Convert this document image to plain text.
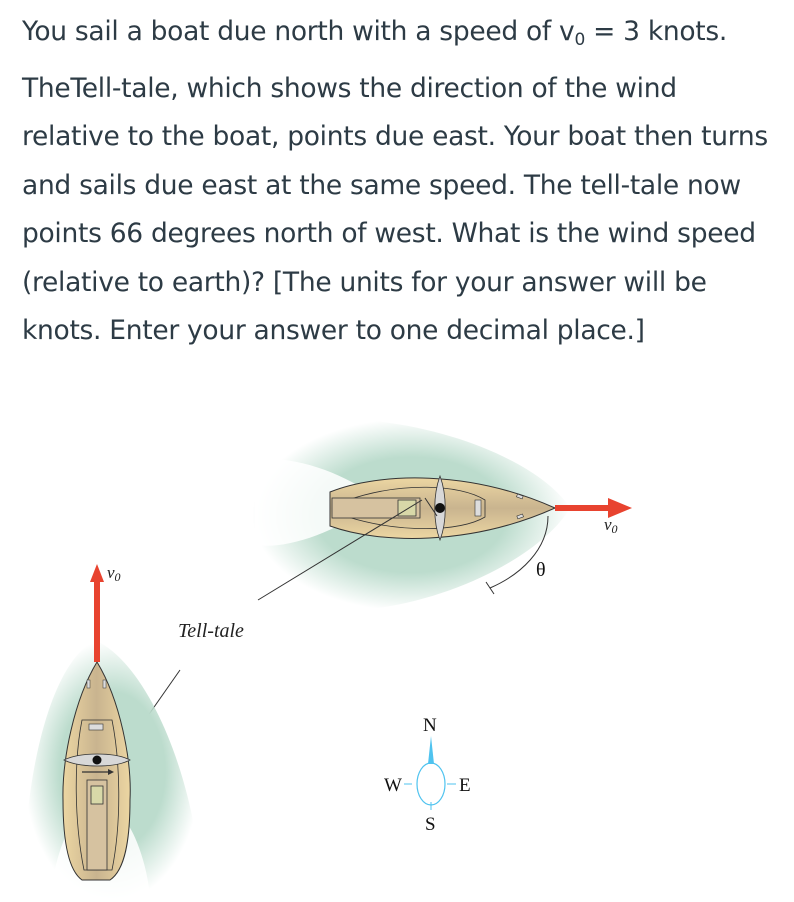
You sail a boat due north with a speed of $v_0 = 3$ knots. TheTell-tale, which shows the direction of the wind relative to the boat, points due east. Your boat then turns and sails due east at the same speed. The tell-tale now points 66 degrees north of west. What is the wind speed (relative to earth)? [The units for your answer will be knots. Enter your answer to one decimal place.]
v0
θ
Tell-tale
v0
N
W	E
S
